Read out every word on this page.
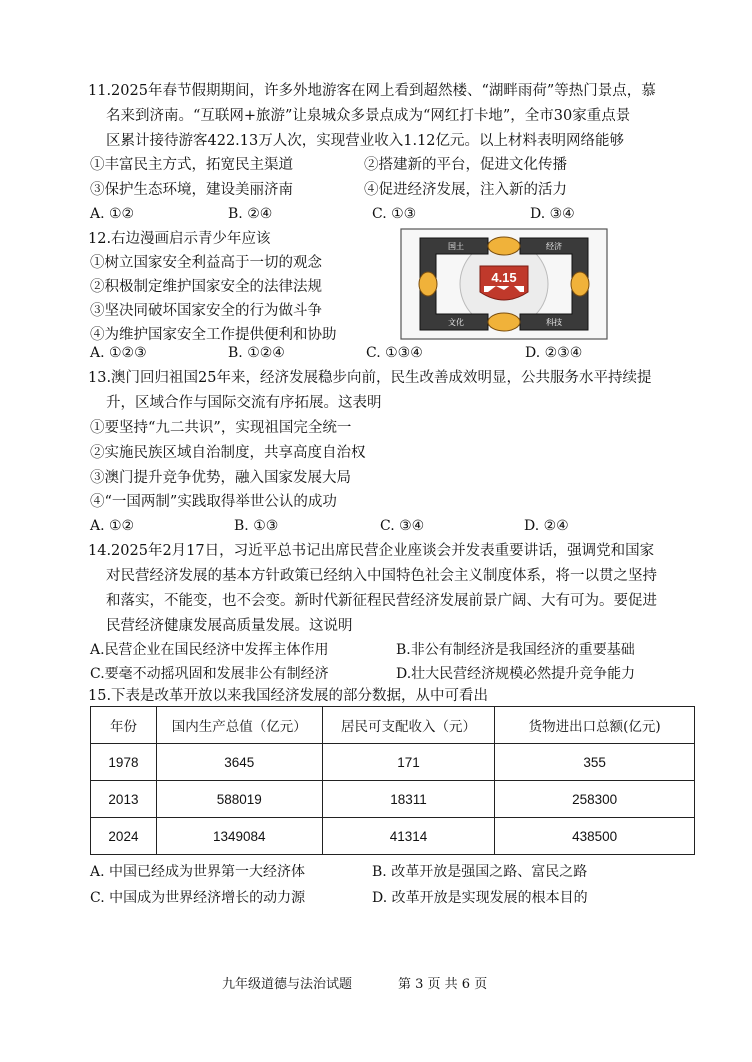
11.2025年春节假期期间，许多外地游客在网上看到超然楼、“湖畔雨荷”等热门景点，慕
名来到济南。“互联网+旅游”让泉城众多景点成为“网红打卡地”，全市30家重点景
区累计接待游客422.13万人次，实现营业收入1.12亿元。以上材料表明网络能够
①丰富民主方式，拓宽民主渠道	②搭建新的平台，促进文化传播
③保护生态环境，建设美丽济南	④促进经济发展，注入新的活力
A. ①②	B. ②④	C. ①③	D. ③④
12.右边漫画启示青少年应该
①树立国家安全利益高于一切的观念
②积极制定维护国家安全的法律法规
③坚决同破坏国家安全的行为做斗争
④为维护国家安全工作提供便利和协助
A. ①②③	B. ①②④	C. ①③④	D. ②③④
国土	经济
文化	科技
4.15
13.澳门回归祖国25年来，经济发展稳步向前，民生改善成效明显，公共服务水平持续提
升，区域合作与国际交流有序拓展。这表明
①要坚持“九二共识”，实现祖国完全统一
②实施民族区域自治制度，共享高度自治权
③澳门提升竞争优势，融入国家发展大局
④“一国两制”实践取得举世公认的成功
A. ①②	B. ①③	C. ③④	D. ②④
14.2025年2月17日，习近平总书记出席民营企业座谈会并发表重要讲话，强调党和国家
对民营经济发展的基本方针政策已经纳入中国特色社会主义制度体系，将一以贯之坚持
和落实，不能变，也不会变。新时代新征程民营经济发展前景广阔、大有可为。要促进
民营经济健康发展高质量发展。这说明
A.民营企业在国民经济中发挥主体作用	B.非公有制经济是我国经济的重要基础
C.要毫不动摇巩固和发展非公有制经济	D.壮大民营经济规模必然提升竞争能力
15.下表是改革开放以来我国经济发展的部分数据，从中可看出
年份	国内生产总值（亿元）	居民可支配收入（元）	货物进出口总额(亿元)
1978	3645	171	355
2013	588019	18311	258300
2024	1349084	41314	438500
A. 中国已经成为世界第一大经济体	B. 改革开放是强国之路、富民之路
C. 中国成为世界经济增长的动力源	D. 改革开放是实现发展的根本目的
九年级道德与法治试题	第 3 页 共 6 页
